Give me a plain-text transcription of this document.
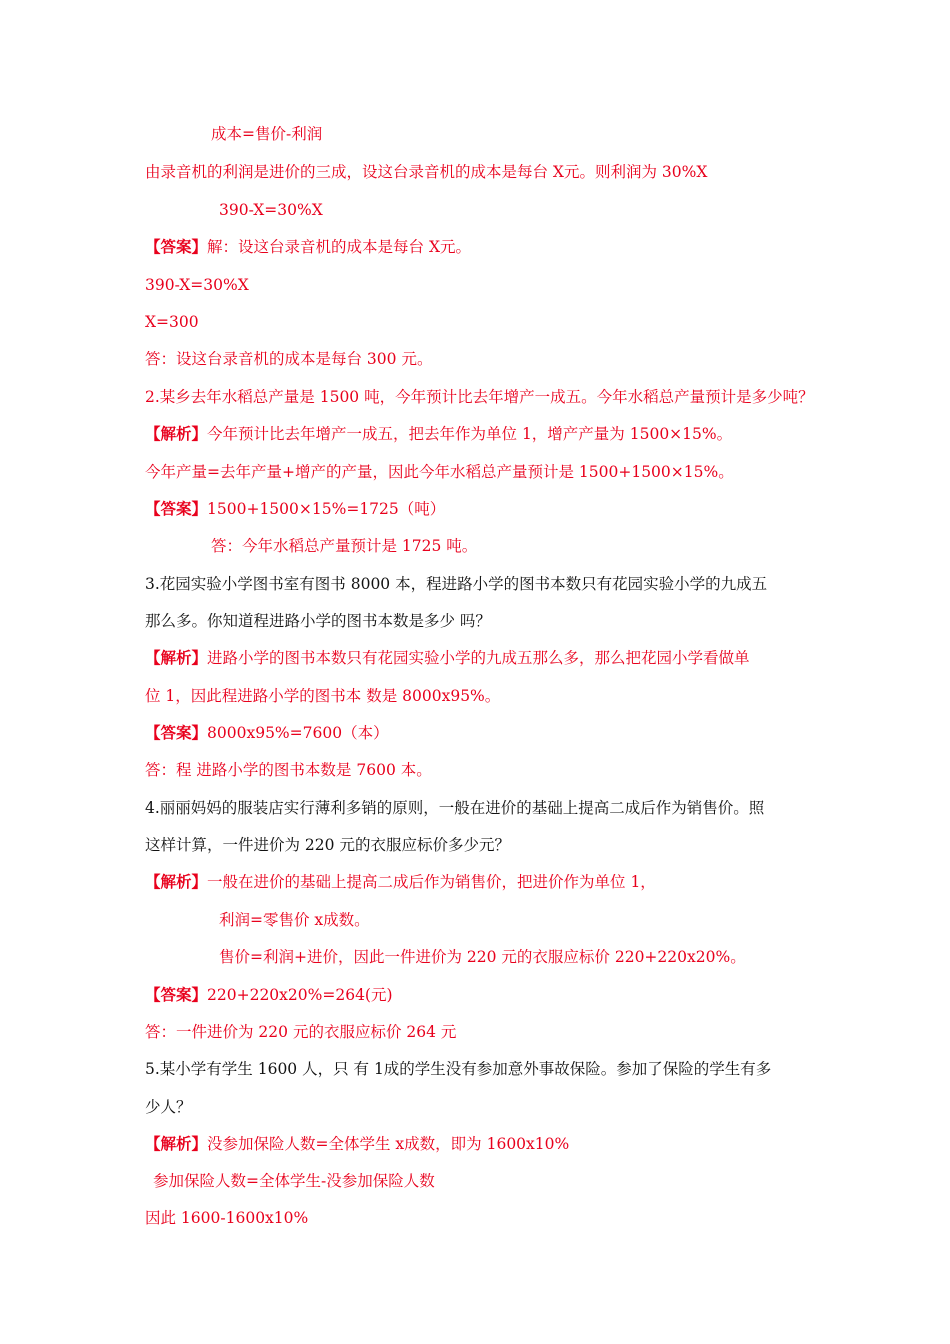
成本=售价-利润
由录音机的利润是进价的三成，设这台录音机的成本是每台 X元。则利润为 30%X
390-X=30%X
【答案】解：设这台录音机的成本是每台 X元。
390-X=30%X
X=300
答：设这台录音机的成本是每台 300 元。
2.某乡去年水稻总产量是 1500 吨，今年预计比去年增产一成五。今年水稻总产量预计是多少吨？
【解析】今年预计比去年增产一成五，把去年作为单位 1，增产产量为 1500×15%。
今年产量=去年产量+增产的产量，因此今年水稻总产量预计是 1500+1500×15%。
【答案】1500+1500×15%=1725（吨）
答：今年水稻总产量预计是 1725 吨。
3.花园实验小学图书室有图书 8000 本，程进路小学的图书本数只有花园实验小学的九成五
那么多。你知道程进路小学的图书本数是多少 吗？
【解析】进路小学的图书本数只有花园实验小学的九成五那么多，那么把花园小学看做单
位 1，因此程进路小学的图书本 数是 8000x95%。
【答案】8000x95%=7600（本）
答：程 进路小学的图书本数是 7600 本。
4.丽丽妈妈的服装店实行薄利多销的原则，一般在进价的基础上提高二成后作为销售价。照
这样计算，一件进价为 220 元的衣服应标价多少元？
【解析】一般在进价的基础上提高二成后作为销售价，把进价作为单位 1，
利润=零售价 x成数。
售价=利润+进价，因此一件进价为 220 元的衣服应标价 220+220x20%。
【答案】220+220x20%=264(元)
答：一件进价为 220 元的衣服应标价 264 元
5.某小学有学生 1600 人，只 有 1成的学生没有参加意外事故保险。参加了保险的学生有多
少人？
【解析】没参加保险人数=全体学生 x成数，即为 1600x10%
参加保险人数=全体学生-没参加保险人数
因此 1600-1600x10%
